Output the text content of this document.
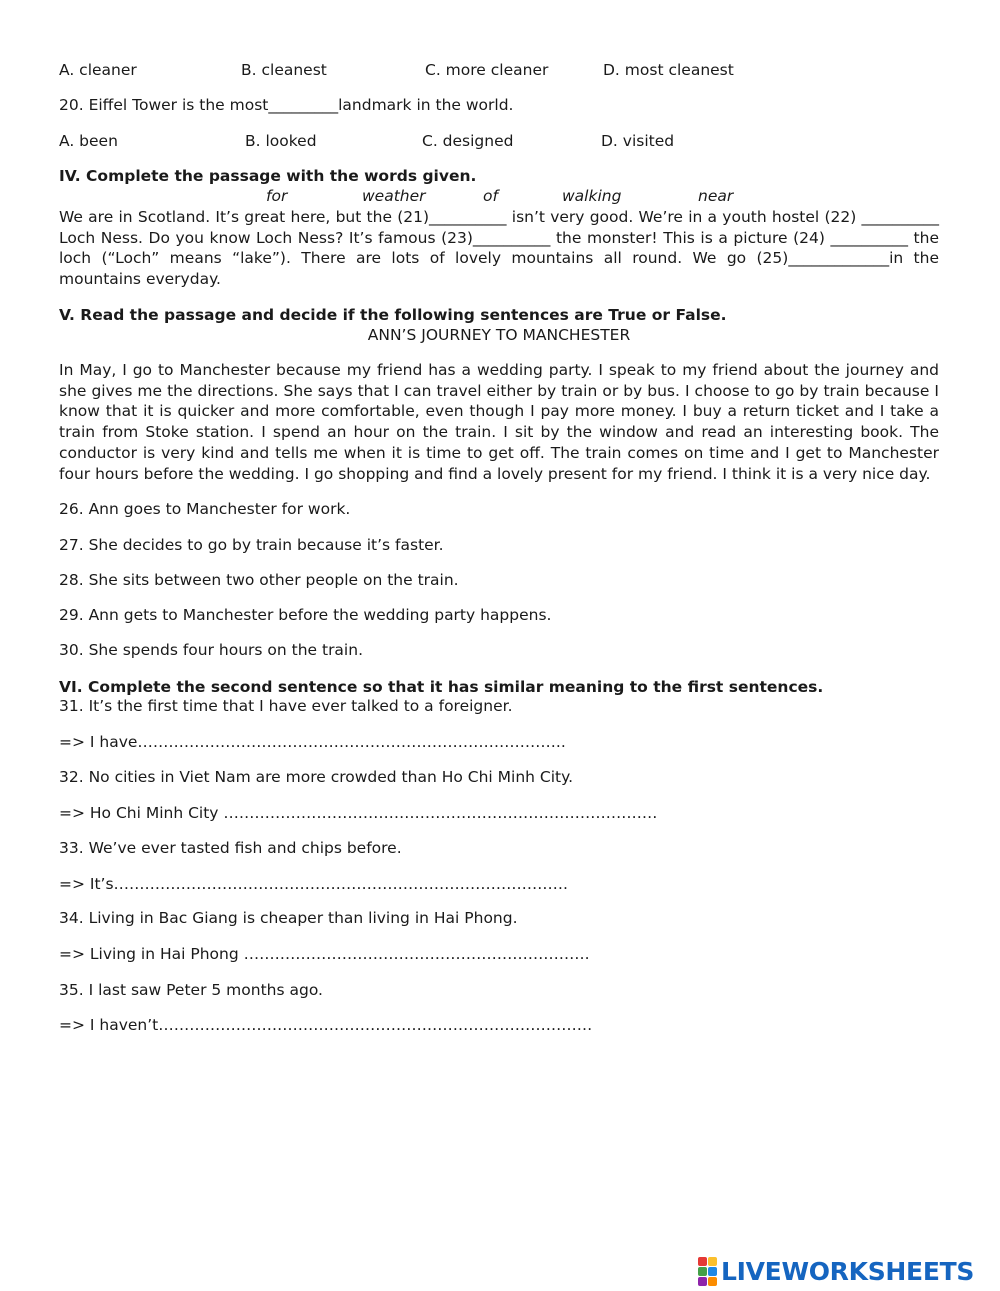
A. cleaner	B. cleanest	C. more cleaner	D. most cleanest
20. Eiffel Tower is the most_________landmark in the world.
A. been	B. looked	C. designed	D. visited
IV. Complete the passage with the words given.
for	weather	of	walking	near
We are in Scotland. It’s great here, but the (21)__________ isn’t very good. We’re in a youth hostel (22) __________ Loch Ness. Do you know Loch Ness? It’s famous (23)__________ the monster! This is a picture (24) __________ the loch (“Loch” means “lake”). There are lots of lovely mountains all round. We go (25)_____________in the mountains everyday.
V. Read the passage and decide if the following sentences are True or False.
ANN’S JOURNEY TO MANCHESTER
In May, I go to Manchester because my friend has a wedding party. I speak to my friend about the journey and she gives me the directions. She says that I can travel either by train or by bus. I choose to go by train because I know that it is quicker and more comfortable, even though I pay more money. I buy a return ticket and I take a train from Stoke station. I spend an hour on the train. I sit by the window and read an interesting book. The conductor is very kind and tells me when it is time to get off. The train comes on time and I get to Manchester four hours before the wedding. I go shopping and find a lovely present for my friend. I think it is a very nice day.
26. Ann goes to Manchester for work.
27. She decides to go by train because it’s faster.
28. She sits between two other people on the train.
29. Ann gets to Manchester before the wedding party happens.
30. She spends four hours on the train.
VI. Complete the second sentence so that it has similar meaning to the first sentences.
31. It’s the first time that I have ever talked to a foreigner.
=> I have………………………………………………………………………..
32. No cities in Viet Nam are more crowded than Ho Chi Minh City.
=> Ho Chi Minh City …………………………………………………………………………
33. We’ve ever tasted fish and chips before.
=> It’s…………………………………………………………………………….
34. Living in Bac Giang is cheaper than living in Hai Phong.
=> Living in Hai Phong ………………………………………………………….
35. I last saw Peter 5 months ago.
=> I haven’t…………………………………………………………………………
LIVEWORKSHEETS
